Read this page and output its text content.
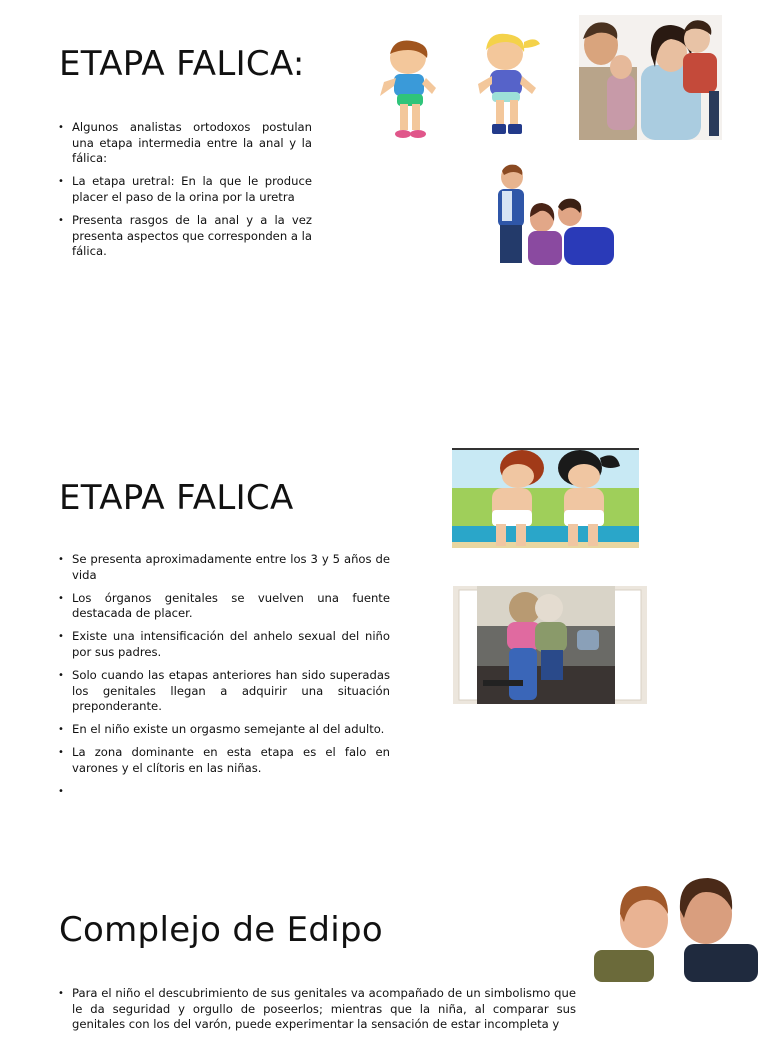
ETAPA FALICA:
• Algunos analistas ortodoxos postulan una etapa intermedia entre la anal y la fálica:
• La etapa uretral: En la que le produce placer el paso de la orina por la uretra
• Presenta rasgos de la anal y a la vez presenta aspectos que corresponden a la fálica.
ETAPA FALICA
• Se presenta aproximadamente entre los 3 y 5 años de vida
• Los órganos genitales se vuelven una fuente destacada de placer.
• Existe una intensificación del anhelo sexual del niño por sus padres.
• Solo cuando las etapas anteriores han sido superadas los genitales llegan a adquirir una situación preponderante.
• En el niño existe un orgasmo semejante al del adulto.
• La zona dominante en esta etapa es el falo en varones y el clítoris en las niñas.
•

Complejo de Edipo
• Para el niño el descubrimiento de sus genitales va acompañado de un simbolismo que le da seguridad y orgullo de poseerlos; mientras que la niña, al comparar sus genitales con los del varón, puede experimentar la sensación de estar incompleta y
